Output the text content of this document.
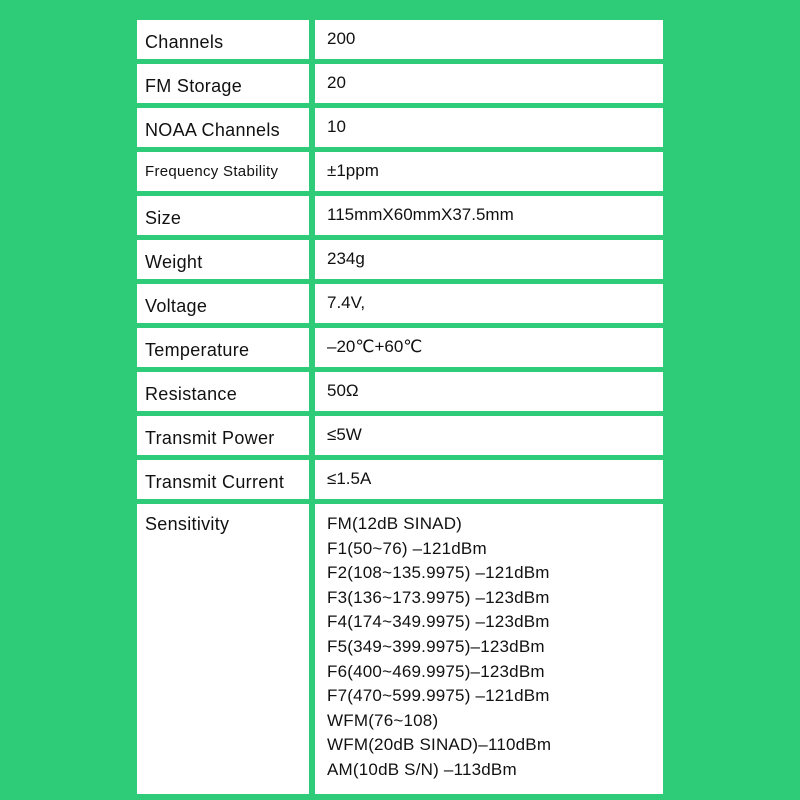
Channels	200
FM Storage	20
NOAA Channels	10
Frequency Stability	±1ppm
Size	115mmX60mmX37.5mm
Weight	234g
Voltage	7.4V,
Temperature	–20℃+60℃
Resistance	50Ω
Transmit Power	≤5W
Transmit Current	≤1.5A
Sensitivity	FM(12dB SINAD)
F1(50~76) –121dBm
F2(108~135.9975) –121dBm
F3(136~173.9975) –123dBm
F4(174~349.9975) –123dBm
F5(349~399.9975)–123dBm
F6(400~469.9975)–123dBm
F7(470~599.9975) –121dBm
WFM(76~108)
WFM(20dB SINAD)–110dBm
AM(10dB S/N) –113dBm
